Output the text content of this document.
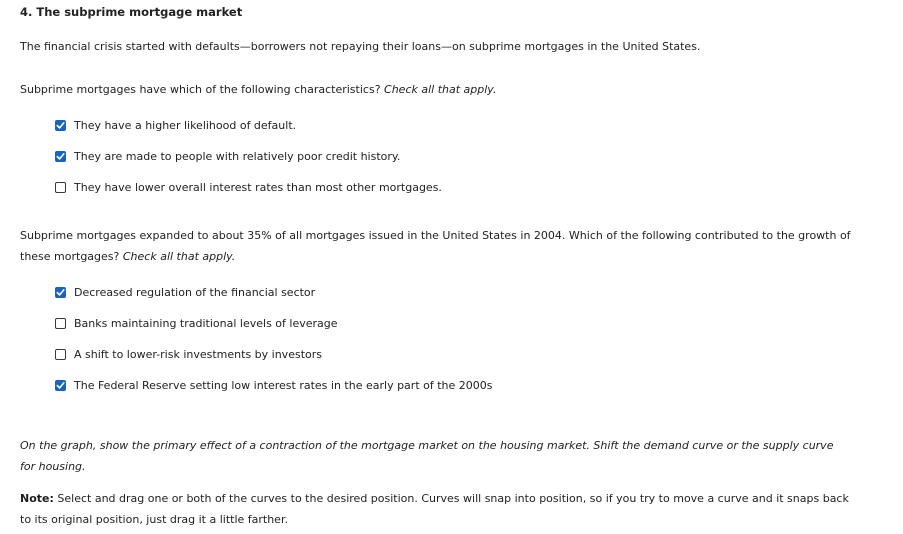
4. The subprime mortgage market
The financial crisis started with defaults—borrowers not repaying their loans—on subprime mortgages in the United States.
Subprime mortgages have which of the following characteristics? Check all that apply.
They have a higher likelihood of default.
They are made to people with relatively poor credit history.
They have lower overall interest rates than most other mortgages.
Subprime mortgages expanded to about 35% of all mortgages issued in the United States in 2004. Which of the following contributed to the growth of
these mortgages? Check all that apply.
Decreased regulation of the financial sector
Banks maintaining traditional levels of leverage
A shift to lower-risk investments by investors
The Federal Reserve setting low interest rates in the early part of the 2000s
On the graph, show the primary effect of a contraction of the mortgage market on the housing market. Shift the demand curve or the supply curve for housing.
Note: Select and drag one or both of the curves to the desired position. Curves will snap into position, so if you try to move a curve and it snaps back to its original position, just drag it a little farther.
